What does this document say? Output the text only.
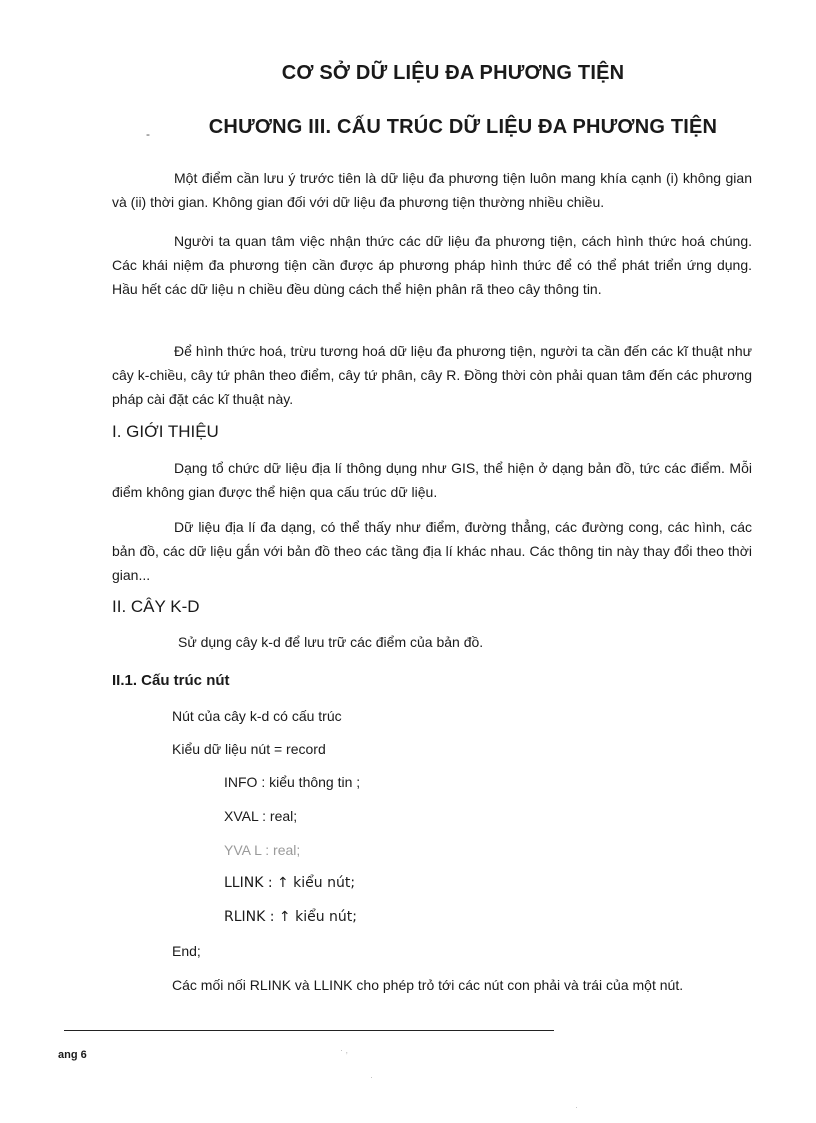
CƠ SỞ DỮ LIỆU ĐA PHƯƠNG TIỆN
-	CHƯƠNG III. CẤU TRÚC DỮ LIỆU ĐA PHƯƠNG TIỆN

Một điểm cần lưu ý trước tiên là dữ liệu đa phương tiện luôn mang khía cạnh (i) không gian và (ii) thời gian. Không gian đối với dữ liệu đa phương tiện thường nhiều chiều.

Người ta quan tâm việc nhận thức các dữ liệu đa phương tiện, cách hình thức hoá chúng. Các khái niệm đa phương tiện cần được áp phương pháp hình thức để có thể phát triển ứng dụng. Hầu hết các dữ liệu n chiều đều dùng cách thể hiện phân rã theo cây thông tin.

Để hình thức hoá, trừu tương hoá dữ liệu đa phương tiện, người ta cần đến các kĩ thuật như cây k-chiều, cây tứ phân theo điểm, cây tứ phân, cây R. Đồng thời còn phải quan tâm đến các phương pháp cài đặt các kĩ thuật này.

I. GIỚI THIỆU

Dạng tổ chức dữ liệu địa lí thông dụng như GIS, thể hiện ở dạng bản đồ, tức các điểm. Mỗi điểm không gian được thể hiện qua cấu trúc dữ liệu.

Dữ liệu địa lí đa dạng, có thể thấy như điểm, đường thẳng, các đường cong, các hình, các bản đồ, các dữ liệu gắn với bản đồ theo các tầng địa lí khác nhau. Các thông tin này thay đổi theo thời gian...

II. CÂY K-D

Sử dụng cây k-d để lưu trữ các điểm của bản đồ.

II.1. Cấu trúc nút

Nút của cây k-d có cấu trúc

Kiểu dữ liệu nút = record

INFO : kiểu thông tin ;

XVAL : real;

YVA L : real;

LLINK : ↑ kiểu nút;

RLINK : ↑ kiểu nút;

End;

Các mối nối RLINK và LLINK cho phép trỏ tới các nút con phải và trái của một nút.

ang 6	· ,
·
·
